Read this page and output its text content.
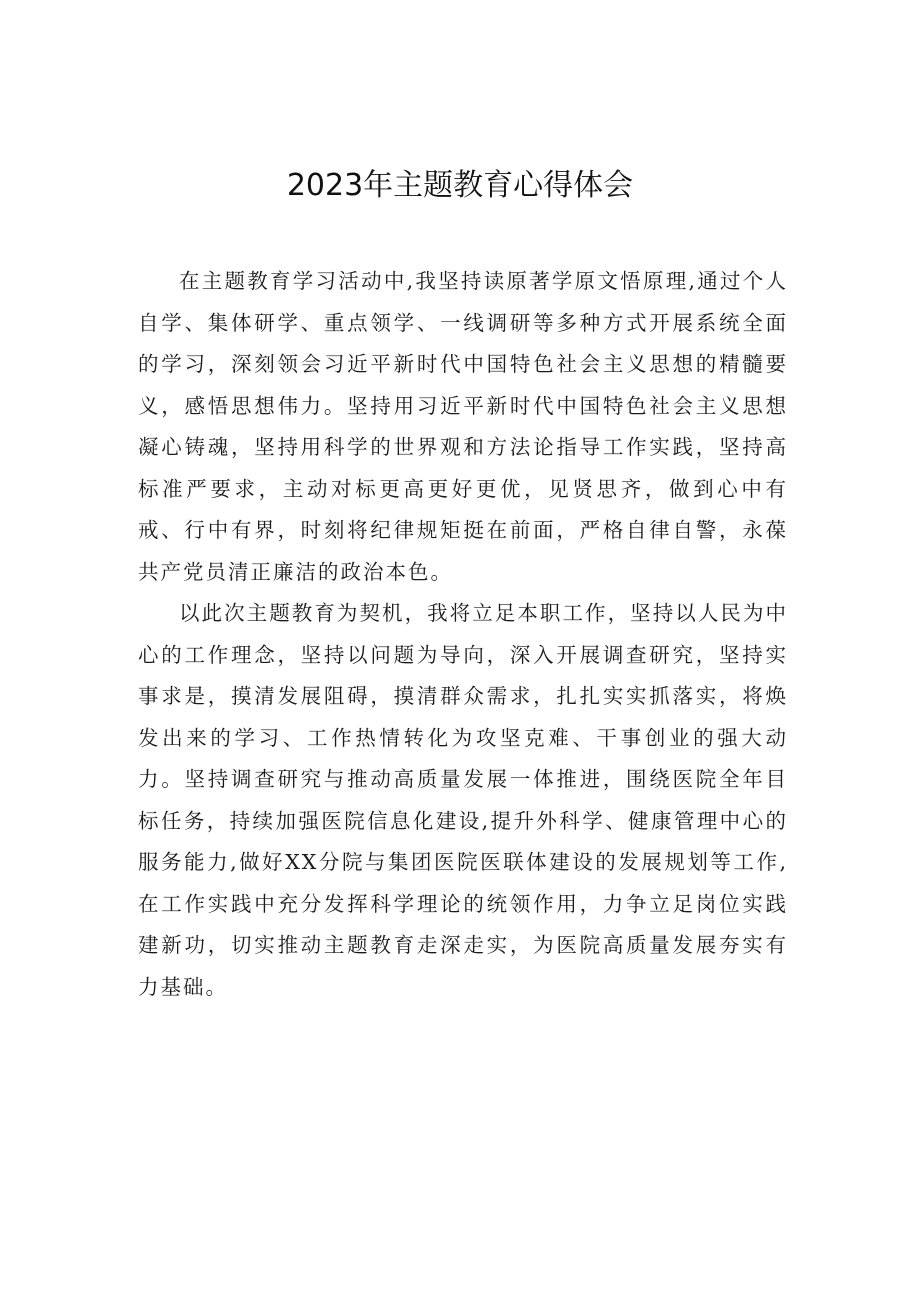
2023年主题教育心得体会

在主题教育学习活动中,我坚持读原著学原文悟原理,通过个人自学、集体研学、重点领学、一线调研等多种方式开展系统全面的学习，深刻领会习近平新时代中国特色社会主义思想的精髓要义，感悟思想伟力。坚持用习近平新时代中国特色社会主义思想凝心铸魂，坚持用科学的世界观和方法论指导工作实践，坚持高标准严要求，主动对标更高更好更优，见贤思齐，做到心中有戒、行中有界，时刻将纪律规矩挺在前面，严格自律自警，永葆共产党员清正廉洁的政治本色。

以此次主题教育为契机，我将立足本职工作，坚持以人民为中心的工作理念，坚持以问题为导向，深入开展调查研究，坚持实事求是，摸清发展阻碍，摸清群众需求，扎扎实实抓落实，将焕发出来的学习、工作热情转化为攻坚克难、干事创业的强大动力。坚持调查研究与推动高质量发展一体推进，围绕医院全年目标任务，持续加强医院信息化建设,提升外科学、健康管理中心的服务能力,做好XX分院与集团医院医联体建设的发展规划等工作,在工作实践中充分发挥科学理论的统领作用，力争立足岗位实践建新功，切实推动主题教育走深走实，为医院高质量发展夯实有力基础。
